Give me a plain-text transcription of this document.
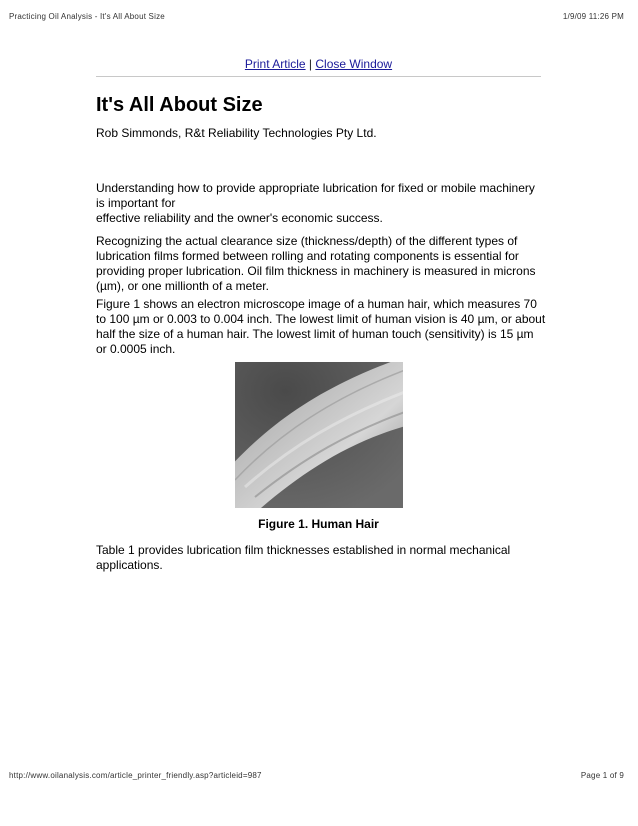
Practicing Oil Analysis - It's All About Size	1/9/09 11:26 PM
Print Article | Close Window
It's All About Size
Rob Simmonds, R&t Reliability Technologies Pty Ltd.
Understanding how to provide appropriate lubrication for fixed or mobile machinery is important for
effective reliability and the owner's economic success.

Recognizing the actual clearance size (thickness/depth) of the different types of lubrication films formed between rolling and rotating components is essential for providing proper lubrication. Oil film thickness in machinery is measured in microns (µm), or one millionth of a meter.

Figure 1 shows an electron microscope image of a human hair, which measures 70 to 100 µm or 0.003 to 0.004 inch. The lowest limit of human vision is 40 µm, or about half the size of a human hair. The lowest limit of human touch (sensitivity) is 15 µm or 0.0005 inch.

Figure 1. Human Hair

Table 1 provides lubrication film thicknesses established in normal mechanical applications.

http://www.oilanalysis.com/article_printer_friendly.asp?articleid=987	Page 1 of 9
